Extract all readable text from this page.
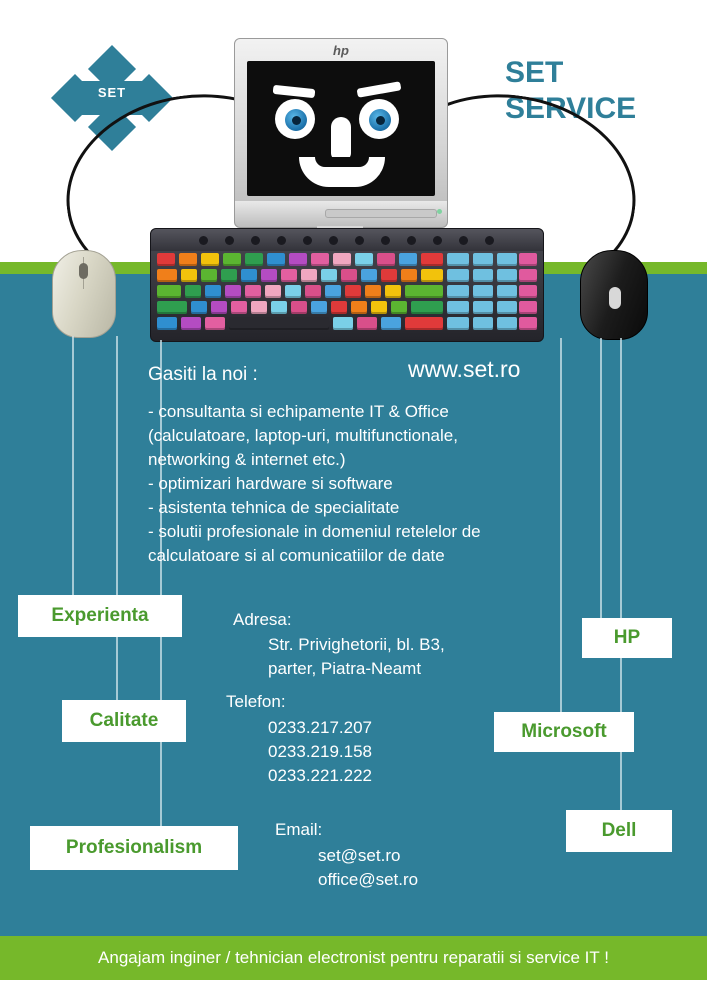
SET
SET
SERVICE
hp
www.set.ro
Gasiti la noi :
- consultanta si echipamente IT & Office
(calculatoare, laptop-uri, multifunctionale,
networking & internet etc.)
- optimizari hardware si software
- asistenta tehnica de specialitate
- solutii profesionale in domeniul retelelor de
calculatoare si al comunicatiilor de date
Adresa:
Str. Privighetorii, bl. B3,
parter, Piatra-Neamt
Telefon:
0233.217.207
0233.219.158
0233.221.222
Email:
set@set.ro
office@set.ro
Experienta
Calitate
Profesionalism
HP
Microsoft
Dell
Angajam inginer / tehnician electronist pentru reparatii si service IT !
